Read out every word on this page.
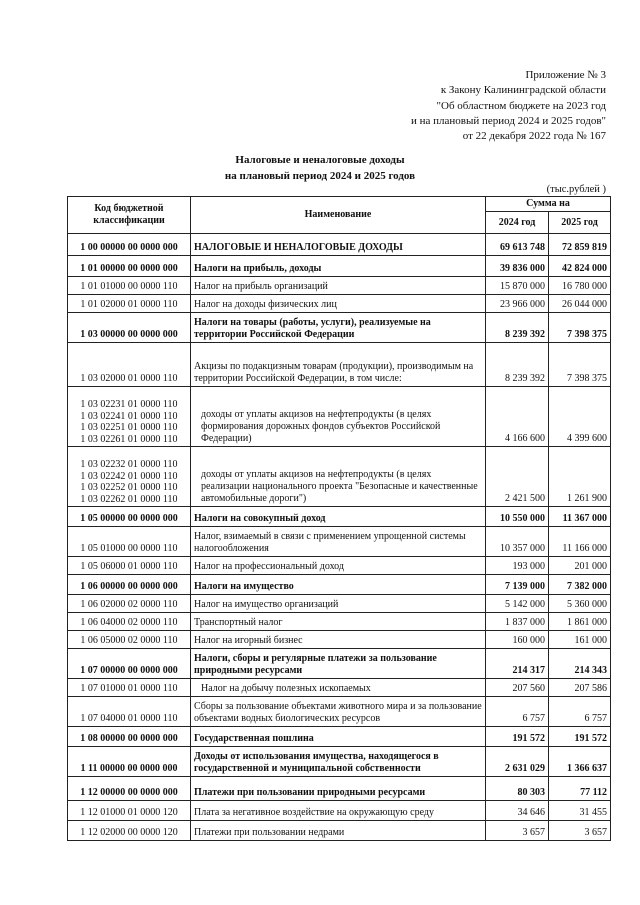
Приложение № 3
к Закону Калининградской области
"Об областном бюджете на 2023 год
и на плановый период 2024 и 2025 годов"
от 22 декабря 2022 года № 167
Налоговые и неналоговые доходы
на плановый период 2024 и 2025 годов
(тыс.рублей )
Код бюджетной классификации	Наименование	Сумма на	
		2024 год	2025 год
1 00 00000 00 0000 000	НАЛОГОВЫЕ И НЕНАЛОГОВЫЕ ДОХОДЫ	69 613 748	72 859 819
1 01 00000 00 0000 000	Налоги на прибыль, доходы	39 836 000	42 824 000
1 01 01000 00 0000 110	Налог на прибыль организаций	15 870 000	16 780 000
1 01 02000 01 0000 110	Налог на доходы физических лиц	23 966 000	26 044 000
1 03 00000 00 0000 000	Налоги на товары (работы, услуги), реализуемые на территории Российской Федерации	8 239 392	7 398 375
1 03 02000 01 0000 110	Акцизы по подакцизным товарам (продукции), производимым на территории Российской Федерации, в том числе:	8 239 392	7 398 375

1 03 02231 01 0000 110
1 03 02241 01 0000 110
1 03 02251 01 0000 110
1 03 02261 01 0000 110	доходы от уплаты акцизов на нефтепродукты (в целях формирования дорожных фондов субъектов Российской Федерации)	4 166 600	4 399 600

1 03 02232 01 0000 110
1 03 02242 01 0000 110
1 03 02252 01 0000 110
1 03 02262 01 0000 110	доходы от уплаты акцизов на нефтепродукты (в целях реализации национального проекта "Безопасные и качественные автомобильные дороги")	2 421 500	1 261 900
1 05 00000 00 0000 000	Налоги на совокупный доход	10 550 000	11 367 000
1 05 01000 00 0000 110	Налог, взимаемый в связи с применением упрощенной системы налогообложения	10 357 000	11 166 000
1 05 06000 01 0000 110	Налог на профессиональный доход	193 000	201 000
1 06 00000 00 0000 000	Налоги на имущество	7 139 000	7 382 000
1 06 02000 02 0000 110	Налог на имущество организаций	5 142 000	5 360 000
1 06 04000 02 0000 110	Транспортный налог	1 837 000	1 861 000
1 06 05000 02 0000 110	Налог на игорный бизнес	160 000	161 000
1 07 00000 00 0000 000	Налоги, сборы и регулярные платежи за пользование природными ресурсами	214 317	214 343
1 07 01000 01 0000 110	Налог на добычу полезных ископаемых	207 560	207 586
1 07 04000 01 0000 110	Сборы за пользование объектами животного мира и за пользование объектами водных биологических ресурсов	6 757	6 757
1 08 00000 00 0000 000	Государственная пошлина	191 572	191 572
1 11 00000 00 0000 000	Доходы от использования имущества, находящегося в государственной и муниципальной собственности	2 631 029	1 366 637
1 12 00000 00 0000 000	Платежи при пользовании природными ресурсами	80 303	77 112
1 12 01000 01 0000 120	Плата за негативное воздействие на окружающую среду	34 646	31 455
1 12 02000 00 0000 120	Платежи при пользовании недрами	3 657	3 657
